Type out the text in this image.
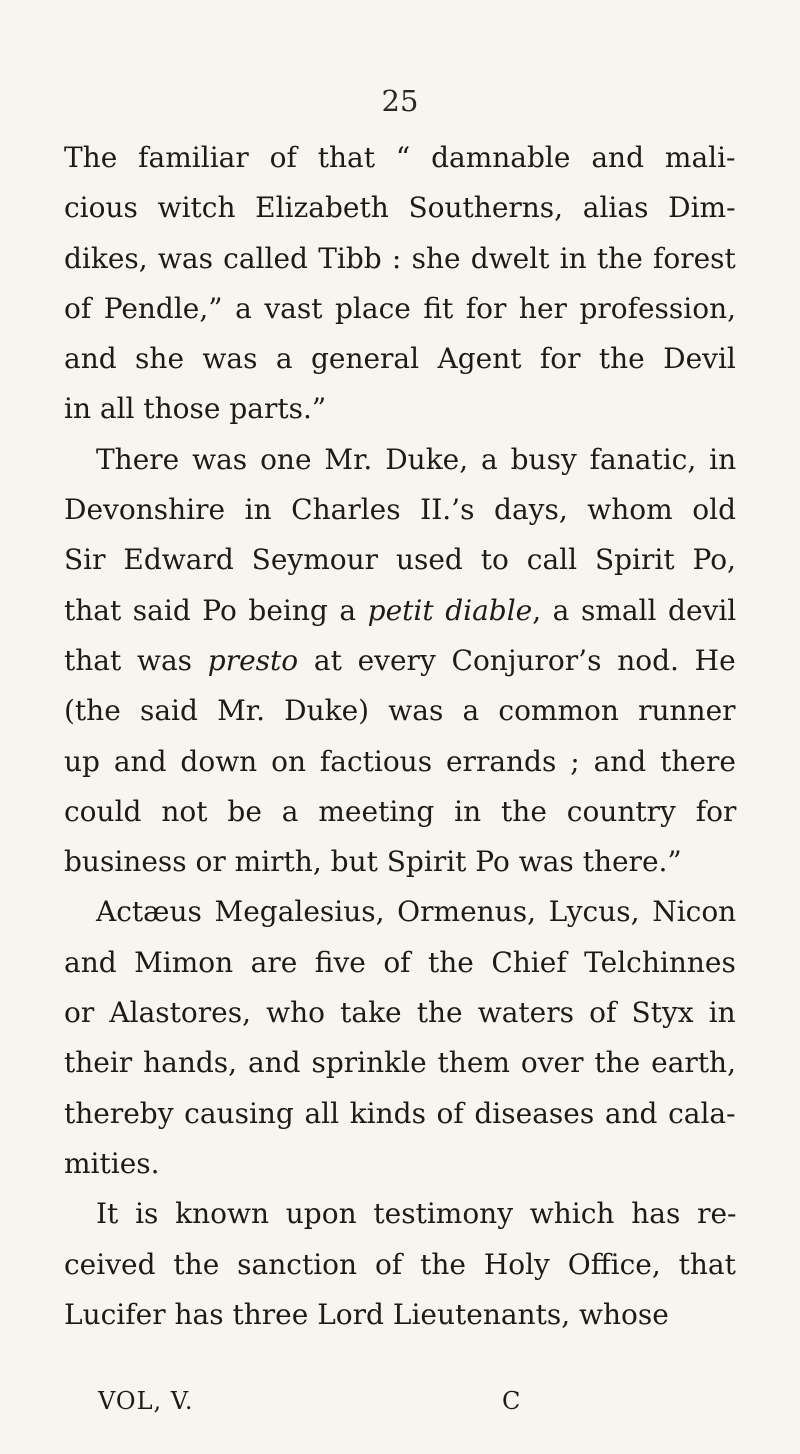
25
The familiar of that “ damnable and mali-
cious witch Elizabeth Southerns, alias Dim-
dikes, was called Tibb : she dwelt in the forest
of Pendle,” a vast place fit for her profession,
and she was a general Agent for the Devil
in all those parts.”
There was one Mr. Duke, a busy fanatic, in
Devonshire in Charles II.’s days, whom old
Sir Edward Seymour used to call Spirit Po,
that said Po being a petit diable, a small devil
that was presto at every Conjuror’s nod. He
(the said Mr. Duke) was a common runner
up and down on factious errands ; and there
could not be a meeting in the country for
business or mirth, but Spirit Po was there.”
Actæus Megalesius, Ormenus, Lycus, Nicon
and Mimon are five of the Chief Telchinnes
or Alastores, who take the waters of Styx in
their hands, and sprinkle them over the earth,
thereby causing all kinds of diseases and cala-
mities.
It is known upon testimony which has re-
ceived the sanction of the Holy Office, that
Lucifer has three Lord Lieutenants, whose
VOL, V.	C
